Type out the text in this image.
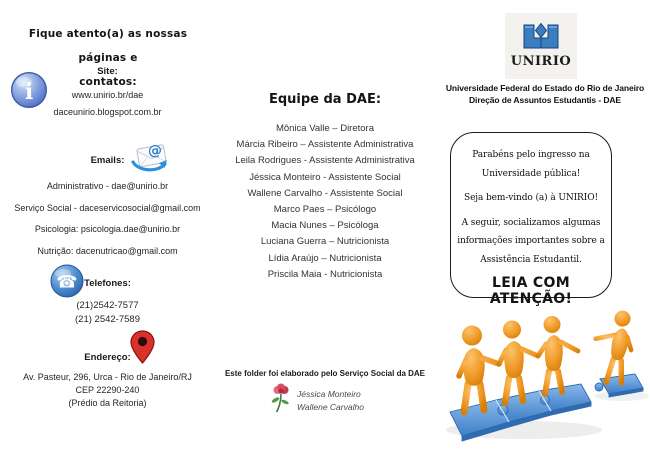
Fique atento(a) as nossas páginas e
contatos:
i
Site:
www.unirio.br/dae
daceunirio.blogspot.com.br
@
Emails:
Administrativo - dae@unirio.br
Serviço Social - daceservicosocial@gmail.com
Psicologia: psicologia.dae@unirio.br
Nutrição: dacenutricao@gmail.com
☎ Telefones:
(21)2542-7577
(21) 2542-7589
Endereço:
Av. Pasteur, 296, Urca - Rio de Janeiro/RJ
CEP 22290-240
(Prédio da Reitoria)
Equipe da DAE:
Mônica Valle – Diretora
Márcia Ribeiro – Assistente Administrativa
Leila Rodrigues - Assistente Administrativa
Jéssica Monteiro - Assistente Social
Wallene Carvalho - Assistente Social
Marco Paes – Psicólogo
Macia Nunes – Psicóloga
Luciana Guerra – Nutricionista
Lídia Araújo – Nutricionista
Priscila Maia - Nutricionista
Este folder foi elaborado pelo Serviço Social da DAE
Jéssica Monteiro
Wallene Carvalho
UNIRIO
Universidade Federal do Estado do Rio de Janeiro
Direção de Assuntos Estudantis - DAE

Parabéns pelo ingresso na Universidade pública!

Seja bem-vindo (a) à UNIRIO!

A seguir, socializamos algumas informações importantes sobre a Assistência Estudantil.

LEIA COM ATENÇÃO!
